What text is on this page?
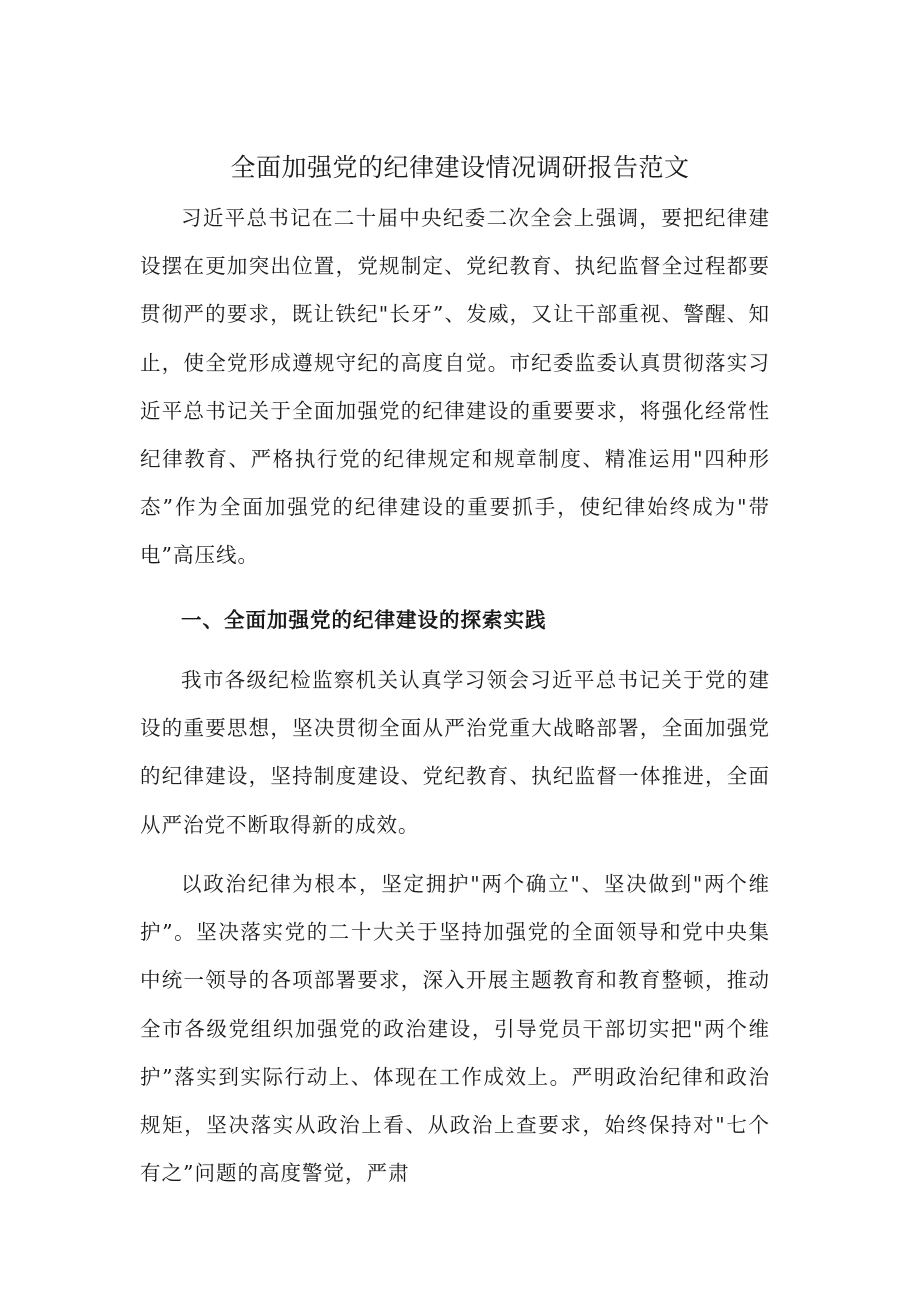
全面加强党的纪律建设情况调研报告范文

习近平总书记在二十届中央纪委二次全会上强调，要把纪律建设摆在更加突出位置，党规制定、党纪教育、执纪监督全过程都要贯彻严的要求，既让铁纪"长牙”、发威，又让干部重视、警醒、知止，使全党形成遵规守纪的高度自觉。市纪委监委认真贯彻落实习近平总书记关于全面加强党的纪律建设的重要要求，将强化经常性纪律教育、严格执行党的纪律规定和规章制度、精准运用"四种形态”作为全面加强党的纪律建设的重要抓手，使纪律始终成为"带电”高压线。

一、全面加强党的纪律建设的探索实践

我市各级纪检监察机关认真学习领会习近平总书记关于党的建设的重要思想，坚决贯彻全面从严治党重大战略部署，全面加强党的纪律建设，坚持制度建设、党纪教育、执纪监督一体推进，全面从严治党不断取得新的成效。

以政治纪律为根本，坚定拥护"两个确立"、坚决做到"两个维护”。坚决落实党的二十大关于坚持加强党的全面领导和党中央集中统一领导的各项部署要求，深入开展主题教育和教育整顿，推动全市各级党组织加强党的政治建设，引导党员干部切实把"两个维护”落实到实际行动上、体现在工作成效上。严明政治纪律和政治规矩，坚决落实从政治上看、从政治上查要求，始终保持对"七个有之”问题的高度警觉，严肃
